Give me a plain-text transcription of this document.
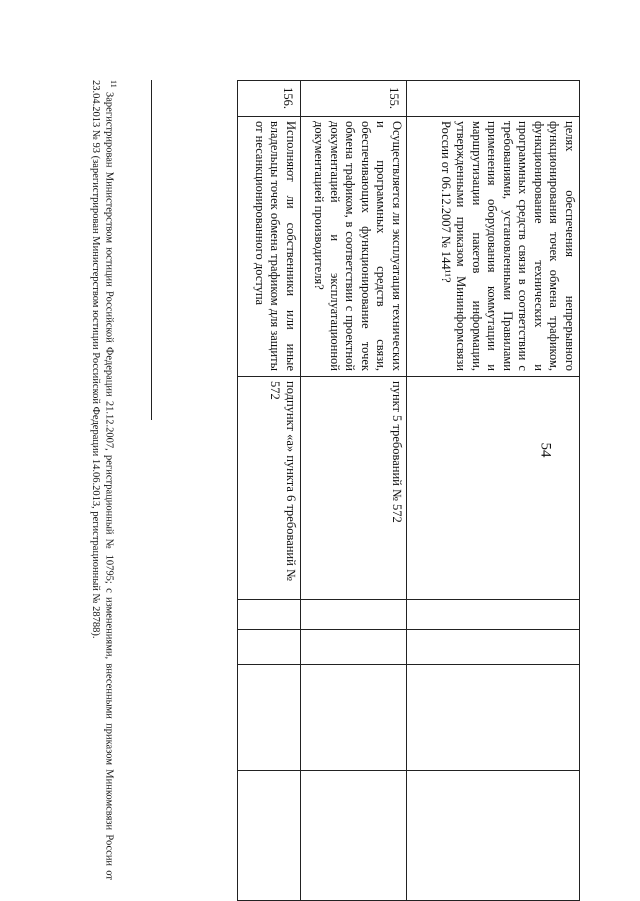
54
целях обеспечения непрерывного функционирования точек обмена трафиком, функционирование технических и программных средств связи в соответствии с требованиями, установленными Правилами применения оборудования коммутации и маршрутизации пакетов информации, утвержденными приказом Мининформсвязи России от 06.12.2007 № 144¹¹?
155.
Осуществляется ли эксплуатация технических и программных средств связи, обеспечивающих функционирование точек обмена трафиком, в соответствии с проектной документацией и эксплуатационной документацией производителя?
пункт 5 требований № 572
156.
Исполняют ли собственники или иные владельцы точек обмена трафиком для защиты от несанкционированного доступа
подпункт «а» пункта 6 требований № 572
$^{11}$ Зарегистрирован Министерством юстиции Российской Федерации 21.12.2007, регистрационный № 10795; с изменениями, внесенными приказом Минкомсвязи России от 23.04.2013 № 93 (зарегистрирован Министерством юстиции Российской Федерации 14.06.2013, регистрационный № 28788).
